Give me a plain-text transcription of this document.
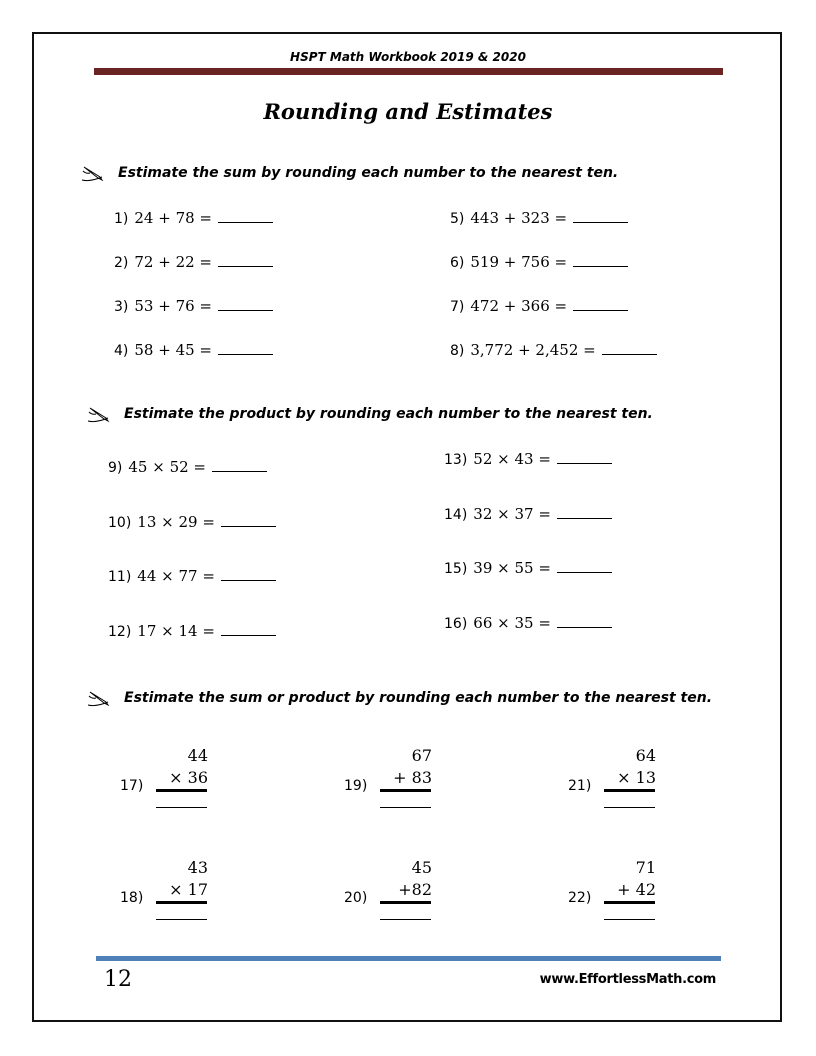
HSPT Math Workbook 2019 & 2020
Rounding and Estimates
Estimate the sum by rounding each number to the nearest ten.
1) 24 + 78 =
2) 72 + 22 =
3) 53 + 76 =
4) 58 + 45 =
5) 443 + 323 =
6) 519 + 756 =
7) 472 + 366 =
8) 3,772 + 2,452 =
Estimate the product by rounding each number to the nearest ten.
9) 45 × 52 =
10) 13 × 29 =
11) 44 × 77 =
12) 17 × 14 =
13) 52 × 43 =
14) 32 × 37 =
15) 39 × 55 =
16) 66 × 35 =
Estimate the sum or product by rounding each number to the nearest ten.
17)
44
× 36
18)
43
× 17
19)
67
+ 83
20)
45
+82
21)
64
× 13
22)
71
+ 42
12	www.EffortlessMath.com
